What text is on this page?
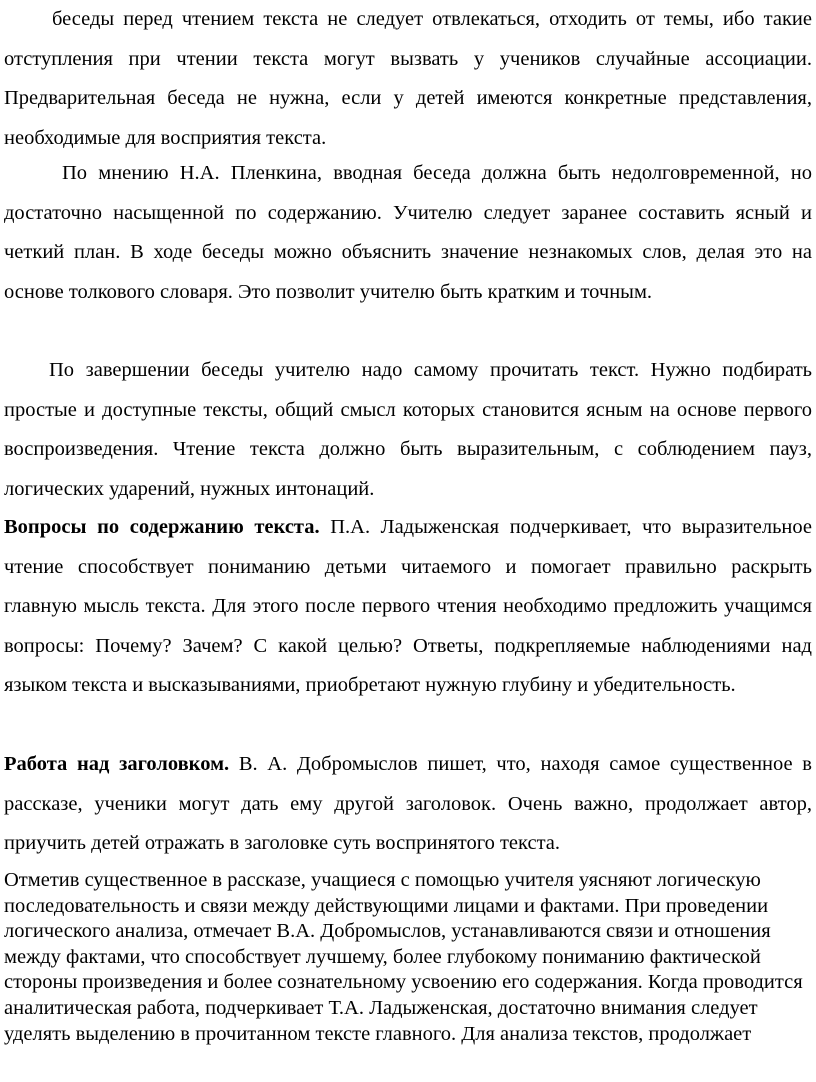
беседы перед чтением текста не следует отвлекаться, отходить от темы, ибо такие отступления при чтении текста могут вызвать у учеников случайные ассоциации. Предварительная беседа не нужна, если у детей имеются конкретные представления, необходимые для восприятия текста.

По мнению Н.А. Пленкина, вводная беседа должна быть недолговременной, но достаточно насыщенной по содержанию. Учителю следует заранее составить ясный и четкий план. В ходе беседы можно объяснить значение незнакомых слов, делая это на основе толкового словаря. Это позволит учителю быть кратким и точным.

По завершении беседы учителю надо самому прочитать текст. Нужно подбирать простые и доступные тексты, общий смысл которых становится ясным на основе первого воспроизведения. Чтение текста должно быть выразительным, с соблюдением пауз, логических ударений, нужных интонаций.

Вопросы по содержанию текста. П.А. Ладыженская подчеркивает, что выразительное чтение способствует пониманию детьми читаемого и помогает правильно раскрыть главную мысль текста. Для этого после первого чтения необходимо предложить учащимся вопросы: Почему? Зачем? С какой целью? Ответы, подкрепляемые наблюдениями над языком текста и высказываниями, приобретают нужную глубину и убедительность.

Работа над заголовком. В. А. Добромыслов пишет, что, находя самое существенное в рассказе, ученики могут дать ему другой заголовок. Очень важно, продолжает автор, приучить детей отражать в заголовке суть воспринятого текста.

Отметив существенное в рассказе, учащиеся с помощью учителя уясняют логическую последовательность и связи между действующими лицами и фактами. При проведении логического анализа, отмечает В.А. Добромыслов, устанавливаются связи и отношения между фактами, что способствует лучшему, более глубокому пониманию фактической стороны произведения и более сознательному усвоению его содержания. Когда проводится аналитическая работа, подчеркивает Т.А. Ладыженская, достаточно внимания следует уделять выделению в прочитанном тексте главного. Для анализа текстов, продолжает
